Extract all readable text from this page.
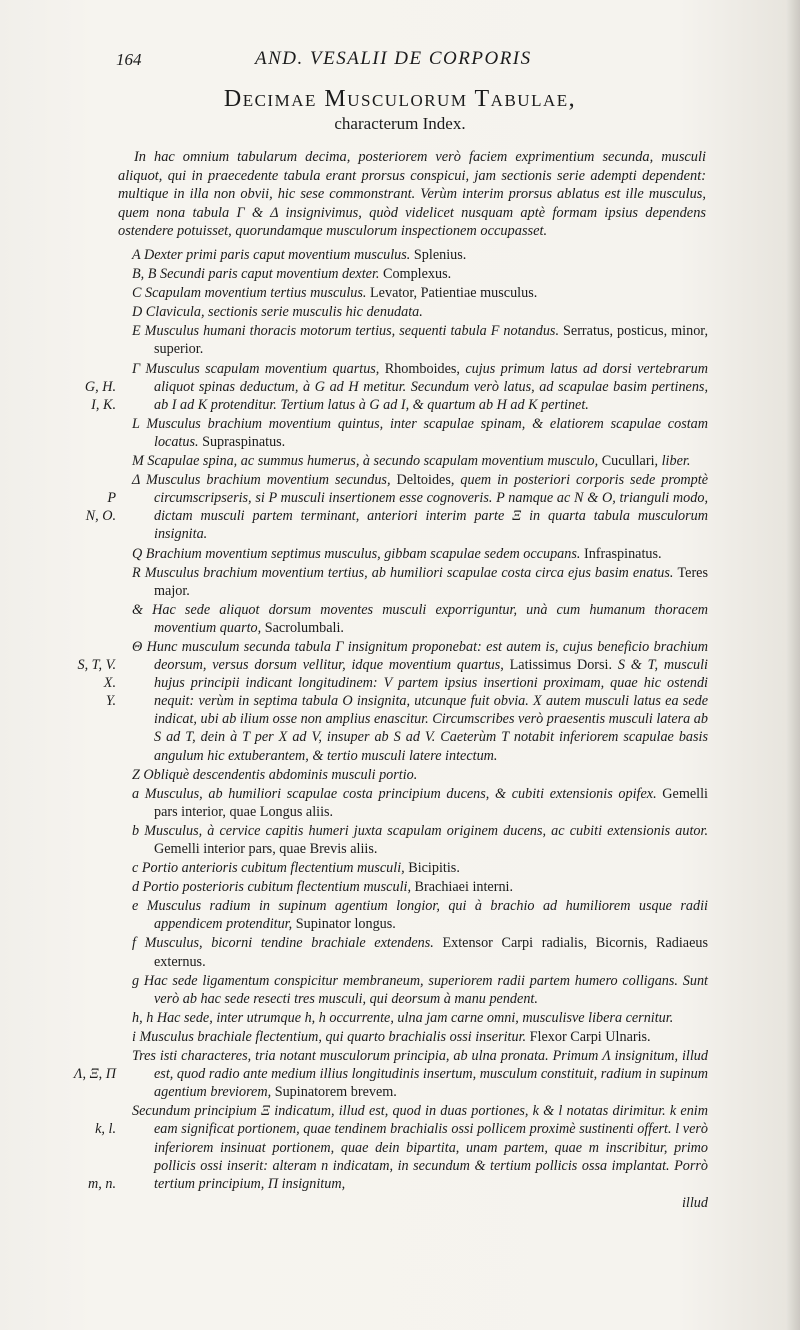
164	AND. VESALII DE CORPORIS
Decimae Musculorum Tabulae,
characterum Index.

In hac omnium tabularum decima, posteriorem verò faciem exprimentium secunda, musculi aliquot, qui in praecedente tabula erant prorsus conspicui, jam sectionis serie adempti dependent: multique in illa non obvii, hic sese commonstrant. Verùm interim prorsus ablatus est ille musculus, quem nona tabula Γ & Δ insignivimus, quòd videlicet nusquam aptè formam ipsius dependens ostendere potuisset, quorundamque musculorum inspectionem occupasset.

A Dexter primi paris caput moventium musculus. Splenius.
B, B Secundi paris caput moventium dexter. Complexus.
C Scapulam moventium tertius musculus. Levator, Patientiae musculus.
D Clavicula, sectionis serie musculis hic denudata.
E Musculus humani thoracis motorum tertius, sequenti tabula F notandus. Serratus, posticus, minor, superior.
G, H.
I, K.
Γ Musculus scapulam moventium quartus, Rhomboides, cujus primum latus ad dorsi vertebrarum aliquot spinas deductum, à G ad H metitur. Secundum verò latus, ad scapulae basim pertinens, ab I ad K protenditur. Tertium latus à G ad I, & quartum ab H ad K pertinet.
L Musculus brachium moventium quintus, inter scapulae spinam, & elatiorem scapulae costam locatus. Supraspinatus.
M Scapulae spina, ac summus humerus, à secundo scapulam moventium musculo, Cucullari, liber.
P
N, O.
Δ Musculus brachium moventium secundus, Deltoides, quem in posteriori corporis sede promptè circumscripseris, si P musculi insertionem esse cognoveris. P namque ac N & O, trianguli modo, dictam musculi partem terminant, anteriori interim parte Ξ in quarta tabula musculorum insignita.
Q Brachium moventium septimus musculus, gibbam scapulae sedem occupans. Infraspinatus.
R Musculus brachium moventium tertius, ab humiliori scapulae costa circa ejus basim enatus. Teres major.
& Hac sede aliquot dorsum moventes musculi exporriguntur, unà cum humanum thoracem moventium quarto, Sacrolumbali.
S, T, V.
X.
Y.
Θ Hunc musculum secunda tabula Γ insignitum proponebat: est autem is, cujus beneficio brachium deorsum, versus dorsum vellitur, idque moventium quartus, Latissimus Dorsi. S & T, musculi hujus principii indicant longitudinem: V partem ipsius insertioni proximam, quae hic ostendi nequit: verùm in septima tabula O insignita, utcunque fuit obvia. X autem musculi latus ea sede indicat, ubi ab ilium osse non amplius enascitur. Circumscribes verò praesentis musculi latera ab S ad T, dein à T per X ad V, insuper ab S ad V. Caeterùm T notabit inferiorem scapulae basis angulum hic extuberantem, & tertio musculi latere intectum.
Z Obliquè descendentis abdominis musculi portio.
a Musculus, ab humiliori scapulae costa principium ducens, & cubiti extensionis opifex. Gemelli pars interior, quae Longus aliis.
b Musculus, à cervice capitis humeri juxta scapulam originem ducens, ac cubiti extensionis autor. Gemelli interior pars, quae Brevis aliis.
c Portio anterioris cubitum flectentium musculi, Bicipitis.
d Portio posterioris cubitum flectentium musculi, Brachiaei interni.
e Musculus radium in supinum agentium longior, qui à brachio ad humiliorem usque radii appendicem protenditur, Supinator longus.
f Musculus, bicorni tendine brachiale extendens. Extensor Carpi radialis, Bicornis, Radiaeus externus.
g Hac sede ligamentum conspicitur membraneum, superiorem radii partem humero colligans. Sunt verò ab hac sede resecti tres musculi, qui deorsum à manu pendent.
h, h Hac sede, inter utrumque h, h occurrente, ulna jam carne omni, musculisve libera cernitur.
i Musculus brachiale flectentium, qui quarto brachialis ossi inseritur. Flexor Carpi Ulnaris.
Λ, Ξ, Π
Tres isti characteres, tria notant musculorum principia, ab ulna pronata. Primum Λ insignitum, illud est, quod radio ante medium illius longitudinis insertum, musculum constituit, radium in supinum agentium breviorem, Supinatorem brevem.
k, l.

m, n.
Secundum principium Ξ indicatum, illud est, quod in duas portiones, k & l notatas dirimitur. k enim eam significat portionem, quae tendinem brachialis ossi pollicem proximè sustinenti offert. l verò inferiorem insinuat portionem, quae dein bipartita, unam partem, quae m inscribitur, primo pollicis ossi inserit: alteram n indicatam, in secundum & tertium pollicis ossa implantat. Porrò tertium principium, Π insignitum,
illud
